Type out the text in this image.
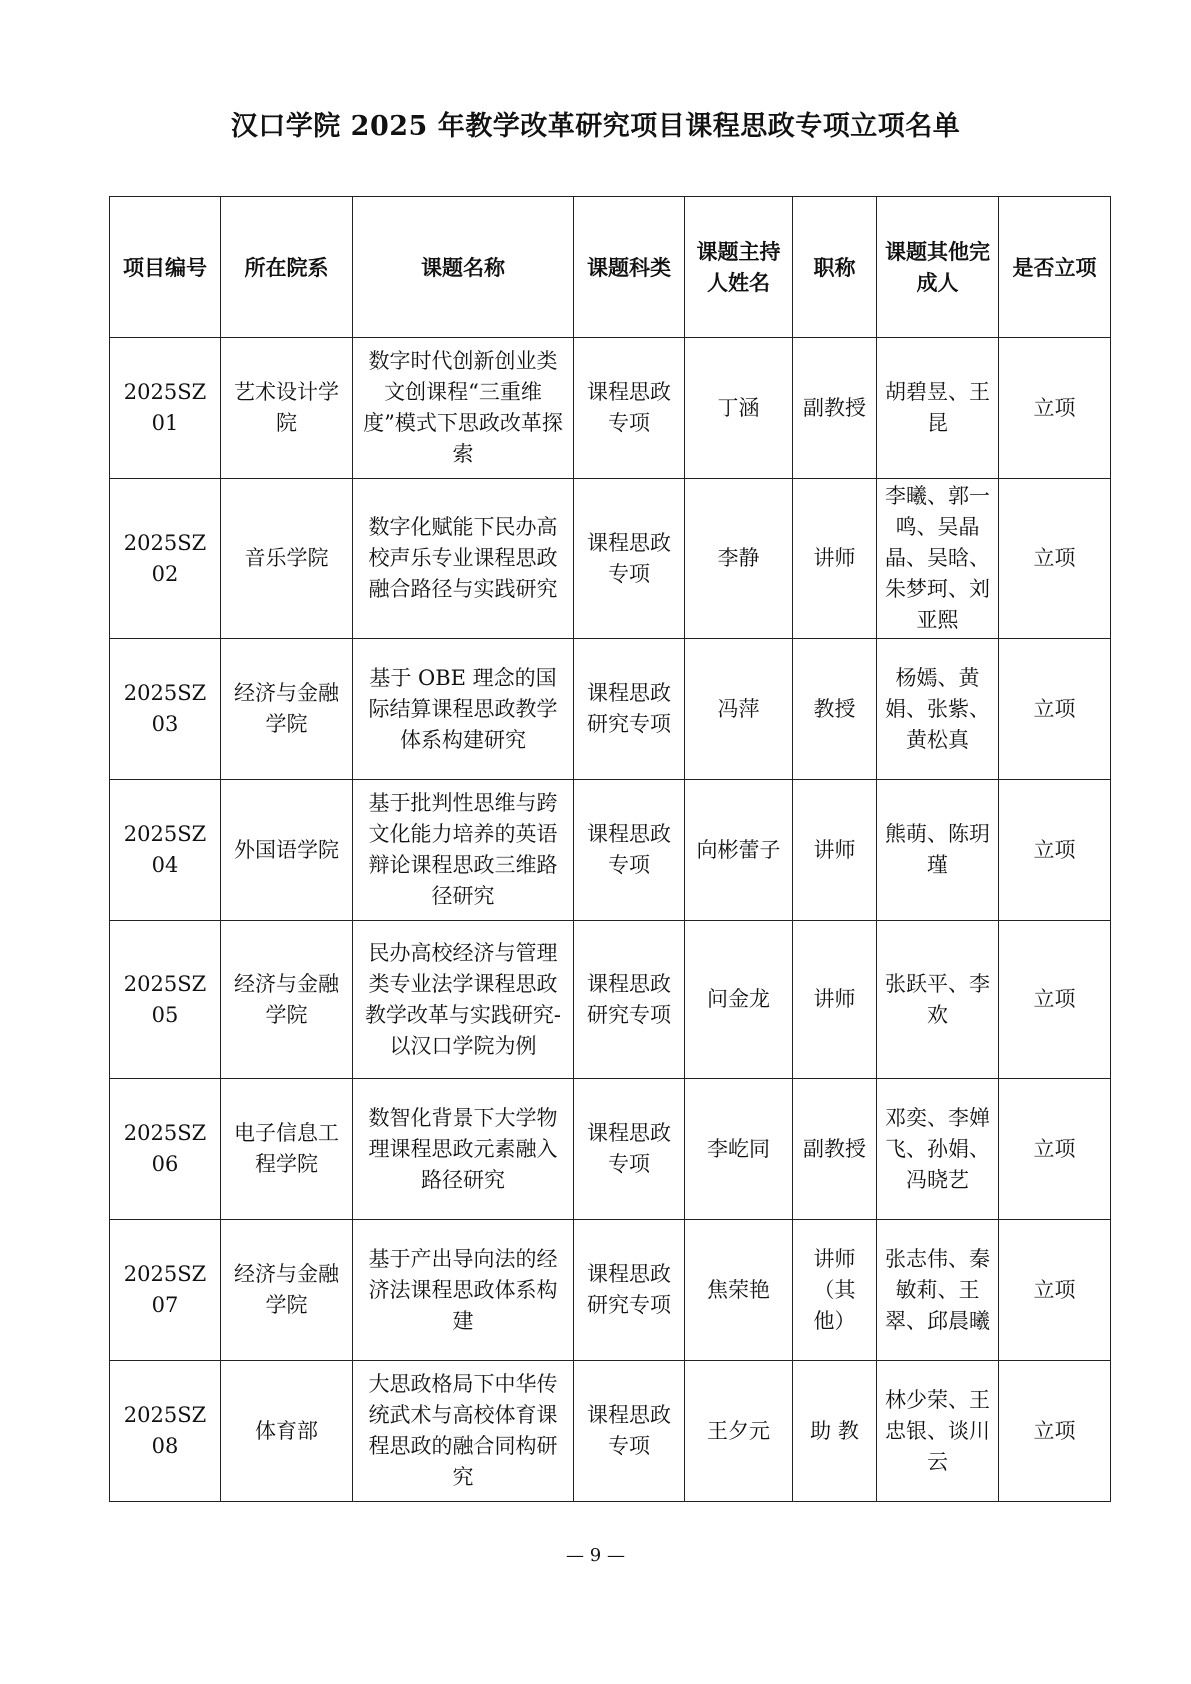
汉口学院 2025 年教学改革研究项目课程思政专项立项名单
项目编号	所在院系	课题名称	课题科类	课题主持人姓名	职称	课题其他完成人	是否立项
2025SZ01	艺术设计学院	数字时代创新创业类文创课程“三重维度”模式下思政改革探索	课程思政专项	丁涵	副教授	胡碧昱、王昆	立项
2025SZ02	音乐学院	数字化赋能下民办高校声乐专业课程思政融合路径与实践研究	课程思政专项	李静	讲师	李曦、郭一鸣、吴晶晶、吴晗、朱梦珂、刘亚熙	立项
2025SZ03	经济与金融学院	基于 OBE 理念的国际结算课程思政教学体系构建研究	课程思政研究专项	冯萍	教授	杨嫣、黄娟、张紫、黄松真	立项
2025SZ04	外国语学院	基于批判性思维与跨文化能力培养的英语辩论课程思政三维路径研究	课程思政专项	向彬蕾子	讲师	熊萌、陈玥瑾	立项
2025SZ05	经济与金融学院	民办高校经济与管理类专业法学课程思政教学改革与实践研究-以汉口学院为例	课程思政研究专项	问金龙	讲师	张跃平、李欢	立项
2025SZ06	电子信息工程学院	数智化背景下大学物理课程思政元素融入路径研究	课程思政专项	李屹同	副教授	邓奕、李婵飞、孙娟、冯晓艺	立项
2025SZ07	经济与金融学院	基于产出导向法的经济法课程思政体系构建	课程思政研究专项	焦荣艳	讲师（其他）	张志伟、秦敏莉、王翠、邱晨曦	立项
2025SZ08	体育部	大思政格局下中华传统武术与高校体育课程思政的融合同构研究	课程思政专项	王夕元	助 教	林少荣、王忠银、谈川云	立项
— 9 —
